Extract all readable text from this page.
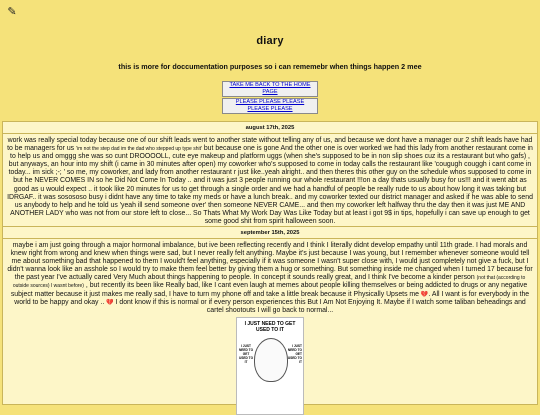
✎
diary
this is more for doccumentation purposes so i can rememebr when things happen 2 mee
TAKE ME BACK TO THE HOME PAGE
PLEASE PLEASE PLEASE PLEASE PLEASE
august 17th, 2025
work was really special today because one of our shift leads went to another state without telling any of us, and because we dont have a manager our 2 shift leads have had to be managers for us 'im not the step dad im the dad who stepped up type shit' but because one is gone And the other one is over worked we had this lady from another restaurant come in to help us and omggg she was so cunt DROOOOLL, cute eye makeup and platform uggs (when she's supposed to be in non slip shoes cuz its a restaurant but who gafs) , but anyways, an hour into my shift (i came in 30 minutes after open) my coworker who's supposed to come in today calls the restaurant like 'cougugh couggh i cant come in today... im sick ;-; ' so me, my coworker, and lady from another restaurant r just like..yeah alright.. and then theres this other guy on the schedule whos supposed to come in but he NEVER COMES IN so he Did Not Come In Today .. and it was just 3 people running our whole restaurant !!!on a day thats usually busy for us!!! and it went abt as good as u would expect .. it took like 20 minutes for us to get through a single order and we had a handful of people be really rude to us about how long it was taking but IDRGAF.. it was sosososo busy i didnt have any time to take my meds or have a lunch break.. and my coworker texted our district manager and asked if he was able to send us anybody to help and he told us 'yeah ill send someone over' then someone NEVER CAME... and then my coworker left halfway thru the day then it was just ME AND ANOTHER LADY who was not from our store left to close... So Thats What My Work Day Was Like Today but at least i got 9$ in tips, hopefully i can save up enough to get some good shit from spirit halloween soon.
september 15th, 2025
maybe i am just going through a major hormonal imbalance, but ive been reflecting recently and I think I literally didnt develop empathy until 11th grade. I had morals and knew right from wrong and knew when things were sad, but I never really felt anything. Maybe it's just because I was young, but I remember whenever someone would tell me about something bad that happened to them I would't feel anything, especially if it was someone I wasn't super close with, I would just completely not give a fuck, but I didn't wanna look like an asshole so I would try to make them feel better by giving them a hug or something. But something inside me changed when I turned 17 because for the past year I've actually cared Very Much about things happening to people. In concept it sounds really great, and I think I've become a kinder person (not that (according to outside sources) I wasnt before) , but recently its been like Really bad, like I cant even laugh at memes about people killing themselves or being addicted to drugs or any negative subject matter because it just makes me really sad, I have to turn my phone off and take a little break because it Physically Upsets me 💔. All I want is for everybody in the world to be happy and okay .. 💔 I dont know if this is normal or if every person experiences this But I Am Not Enjoying It. Maybe if I watch some taliban beheadings and cartel shootouts I will go back to normal...
I JUST NEED TO GET USED TO IT
I JUST NEED TO GET USED TO IT
I JUST NEED TO GET USED TO IT
